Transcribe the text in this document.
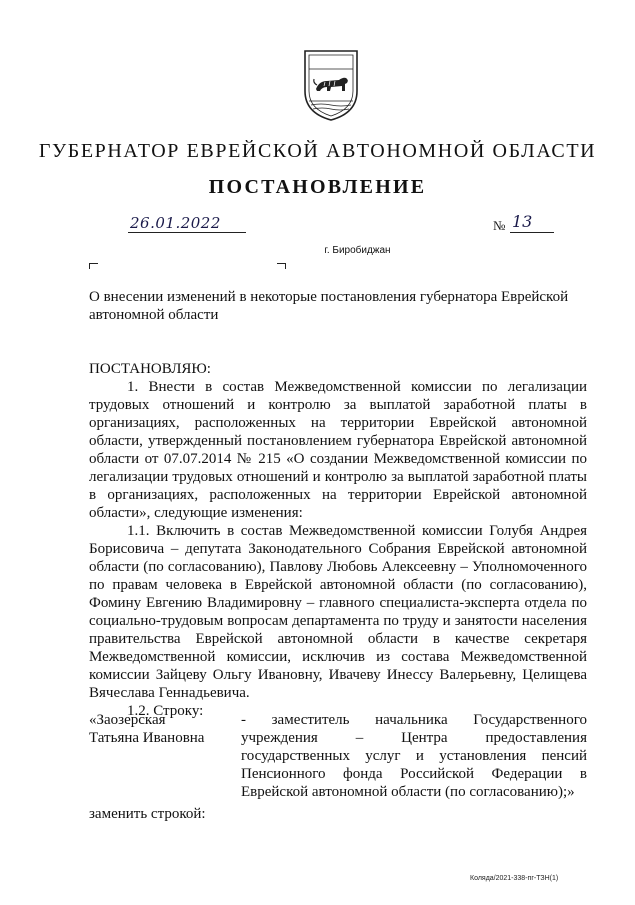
ГУБЕРНАТОР ЕВРЕЙСКОЙ АВТОНОМНОЙ ОБЛАСТИ
ПОСТАНОВЛЕНИЕ
26.01.2022	№ 13
г. Биробиджан
О внесении изменений в некоторые постановления губернатора Еврейской автономной области

ПОСТАНОВЛЯЮ:

1. Внести в состав Межведомственной комиссии по легализации трудовых отношений и контролю за выплатой заработной платы в организациях, расположенных на территории Еврейской автономной области, утвержденный постановлением губернатора Еврейской автономной области от 07.07.2014 № 215 «О создании Межведомственной комиссии по легализации трудовых отношений и контролю за выплатой заработной платы в организациях, расположенных на территории Еврейской автономной области», следующие изменения:

1.1. Включить в состав Межведомственной комиссии Голубя Андрея Борисовича – депутата Законодательного Собрания Еврейской автономной области (по согласованию), Павлову Любовь Алексеевну – Уполномоченного по правам человека в Еврейской автономной области (по согласованию), Фомину Евгению Владимировну – главного специалиста-эксперта отдела по социально-трудовым вопросам департамента по труду и занятости населения правительства Еврейской автономной области в качестве секретаря Межведомственной комиссии, исключив из состава Межведомственной комиссии Зайцеву Ольгу Ивановну, Ивачеву Инессу Валерьевну, Целищева Вячеслава Геннадьевича.

1.2. Строку:

«Заозерская
Татьяна Ивановна
- заместитель начальника Государственного учреждения – Центра предоставления государственных услуг и установления пенсий Пенсионного фонда Российской Федерации в Еврейской автономной области (по согласованию);»
заменить строкой:
Коляда/2021-338-пг-ТЗН(1)
